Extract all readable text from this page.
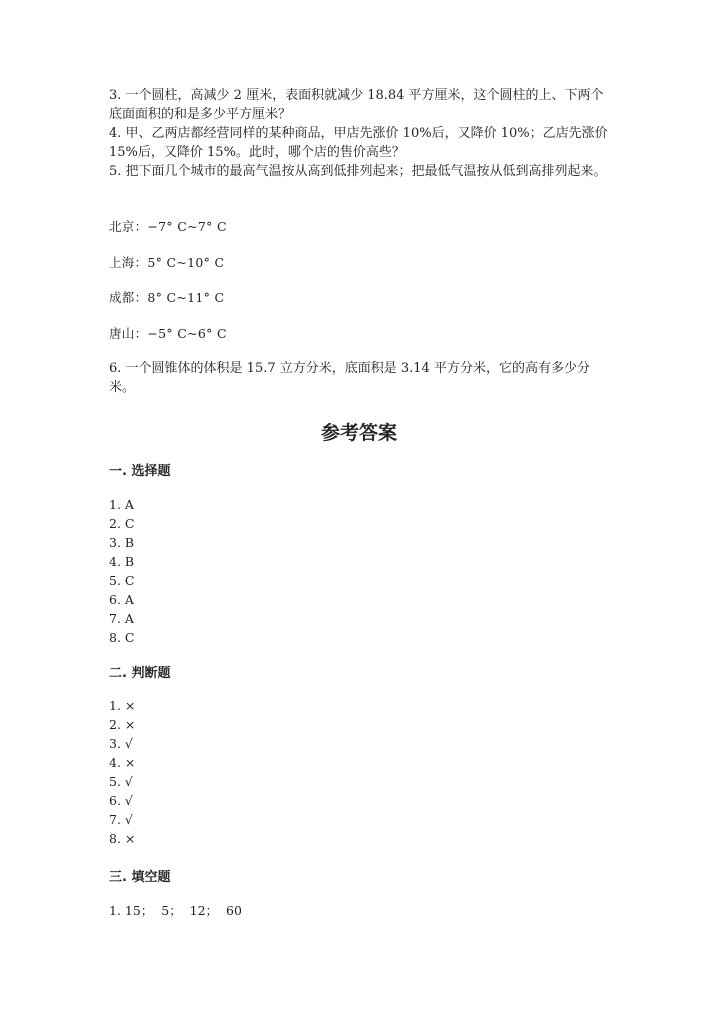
3. 一个圆柱，高减少 2 厘米，表面积就减少 18.84 平方厘米，这个圆柱的上、下两个底面面积的和是多少平方厘米？

4. 甲、乙两店都经营同样的某种商品，甲店先涨价 10%后，又降价 10%；乙店先涨价 15%后，又降价 15%。此时，哪个店的售价高些？

5. 把下面几个城市的最高气温按从高到低排列起来；把最低气温按从低到高排列起来。

北京：−7° C~7° C

上海：5° C~10° C

成都：8° C~11° C

唐山：−5° C~6° C

6. 一个圆锥体的体积是 15.7 立方分米，底面积是 3.14 平方分米，它的高有多少分米。

参考答案

一. 选择题

1. A

2. C

3. B

4. B

5. C

6. A

7. A

8. C

二. 判断题

1. ×

2. ×

3. √

4. ×

5. √

6. √

7. √

8. ×

三. 填空题

1. 15；  5；  12；  60
